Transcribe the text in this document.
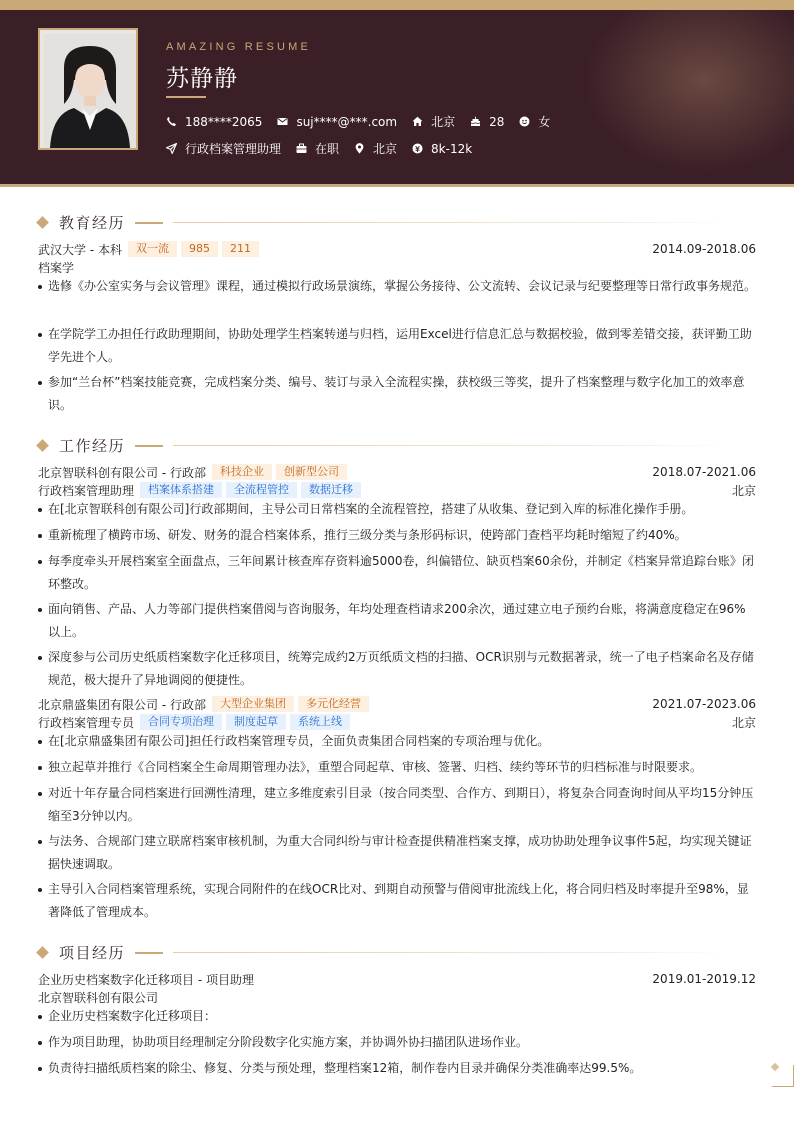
AMAZING RESUME
苏静静
188****2065	suj****@***.com	北京	28	女
行政档案管理助理	在职	北京	8k-12k
教育经历
武汉大学 - 本科	双一流	985	211	2014.09-2018.06
档案学
选修《办公室实务与会议管理》课程，通过模拟行政场景演练，掌握公务接待、公文流转、会议记录与纪要整理等日常行政事务规范。
在学院学工办担任行政助理期间，协助处理学生档案转递与归档，运用Excel进行信息汇总与数据校验，做到零差错交接，获评勤工助学先进个人。
参加“兰台杯”档案技能竞赛，完成档案分类、编号、装订与录入全流程实操，获校级三等奖，提升了档案整理与数字化加工的效率意识。
工作经历
北京智联科创有限公司 - 行政部	科技企业	创新型公司	2018.07-2021.06
行政档案管理助理	档案体系搭建	全流程管控	数据迁移	北京
在[北京智联科创有限公司]行政部期间，主导公司日常档案的全流程管控，搭建了从收集、登记到入库的标准化操作手册。
重新梳理了横跨市场、研发、财务的混合档案体系，推行三级分类与条形码标识，使跨部门查档平均耗时缩短了约40%。
每季度牵头开展档案室全面盘点，三年间累计核查库存资料逾5000卷，纠偏错位、缺页档案60余份，并制定《档案异常追踪台账》闭环整改。
面向销售、产品、人力等部门提供档案借阅与咨询服务，年均处理查档请求200余次，通过建立电子预约台账，将满意度稳定在96%以上。
深度参与公司历史纸质档案数字化迁移项目，统筹完成约2万页纸质文档的扫描、OCR识别与元数据著录，统一了电子档案命名及存储规范，极大提升了异地调阅的便捷性。
北京鼎盛集团有限公司 - 行政部	大型企业集团	多元化经营	2021.07-2023.06
行政档案管理专员	合同专项治理	制度起草	系统上线	北京
在[北京鼎盛集团有限公司]担任行政档案管理专员，全面负责集团合同档案的专项治理与优化。
独立起草并推行《合同档案全生命周期管理办法》，重塑合同起草、审核、签署、归档、续约等环节的归档标准与时限要求。
对近十年存量合同档案进行回溯性清理，建立多维度索引目录（按合同类型、合作方、到期日），将复杂合同查询时间从平均15分钟压缩至3分钟以内。
与法务、合规部门建立联席档案审核机制，为重大合同纠纷与审计检查提供精准档案支撑，成功协助处理争议事件5起，均实现关键证据快速调取。
主导引入合同档案管理系统，实现合同附件的在线OCR比对、到期自动预警与借阅审批流线上化，将合同归档及时率提升至98%，显著降低了管理成本。
项目经历
企业历史档案数字化迁移项目 - 项目助理	2019.01-2019.12
北京智联科创有限公司
企业历史档案数字化迁移项目：
作为项目助理，协助项目经理制定分阶段数字化实施方案，并协调外协扫描团队进场作业。
负责待扫描纸质档案的除尘、修复、分类与预处理，整理档案12箱，制作卷内目录并确保分类准确率达99.5%。
